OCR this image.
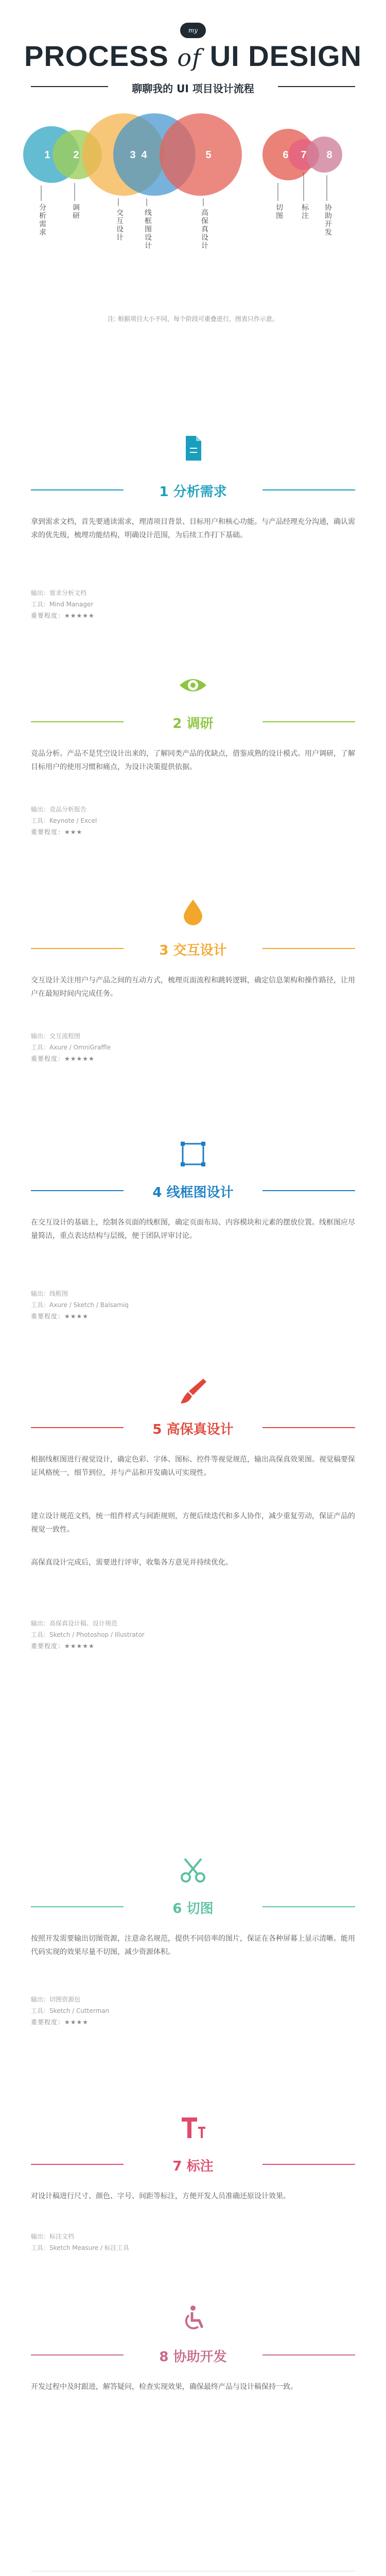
my
PROCESS of UI DESIGN
聊聊我的 UI 项目设计流程
1 2	3 4	5	6 7 8
分析需求	调研	交互设计	线框图设计	高保真设计	切图 标注 协助开发
注: 根据项目大小不同，每个阶段可重叠进行，图表只作示意。
1 分析需求
拿到需求文档，首先要通读需求，理清项目背景、目标用户和核心功能。与产品经理充分沟通，确认需求的优先级，梳理功能结构，明确设计范围，为后续工作打下基础。
输出：需求分析文档
工具：Mind Manager
重要程度：★★★★★
2 调研
竞品分析。产品不是凭空设计出来的，了解同类产品的优缺点，借鉴成熟的设计模式。用户调研，了解目标用户的使用习惯和痛点，为设计决策提供依据。
输出：竞品分析报告
工具：Keynote / Excel
重要程度：★★★
3 交互设计
交互设计关注用户与产品之间的互动方式，梳理页面流程和跳转逻辑，确定信息架构和操作路径，让用户在最短时间内完成任务。
输出：交互流程图
工具：Axure / OmniGraffle
重要程度：★★★★★
4 线框图设计
在交互设计的基础上，绘制各页面的线框图，确定页面布局、内容模块和元素的摆放位置。线框图应尽量简洁，重点表达结构与层级，便于团队评审讨论。
输出：线框图
工具：Axure / Sketch / Balsamiq
重要程度：★★★★
5 高保真设计
根据线框图进行视觉设计，确定色彩、字体、图标、控件等视觉规范，输出高保真效果图。视觉稿要保证风格统一，细节到位，并与产品和开发确认可实现性。
建立设计规范文档，统一组件样式与间距规则，方便后续迭代和多人协作，减少重复劳动，保证产品的视觉一致性。
高保真设计完成后，需要进行评审，收集各方意见并持续优化。
输出：高保真设计稿、设计规范
工具：Sketch / Photoshop / Illustrator
重要程度：★★★★★
6 切图
按照开发需要输出切图资源，注意命名规范，提供不同倍率的图片，保证在各种屏幕上显示清晰。能用代码实现的效果尽量不切图，减少资源体积。
输出：切图资源包
工具：Sketch / Cutterman
重要程度：★★★★
7 标注
对设计稿进行尺寸、颜色、字号、间距等标注，方便开发人员准确还原设计效果。
输出：标注文档
工具：Sketch Measure / 标注工具
8 协助开发
开发过程中及时跟进，解答疑问，检查实现效果，确保最终产品与设计稿保持一致。
